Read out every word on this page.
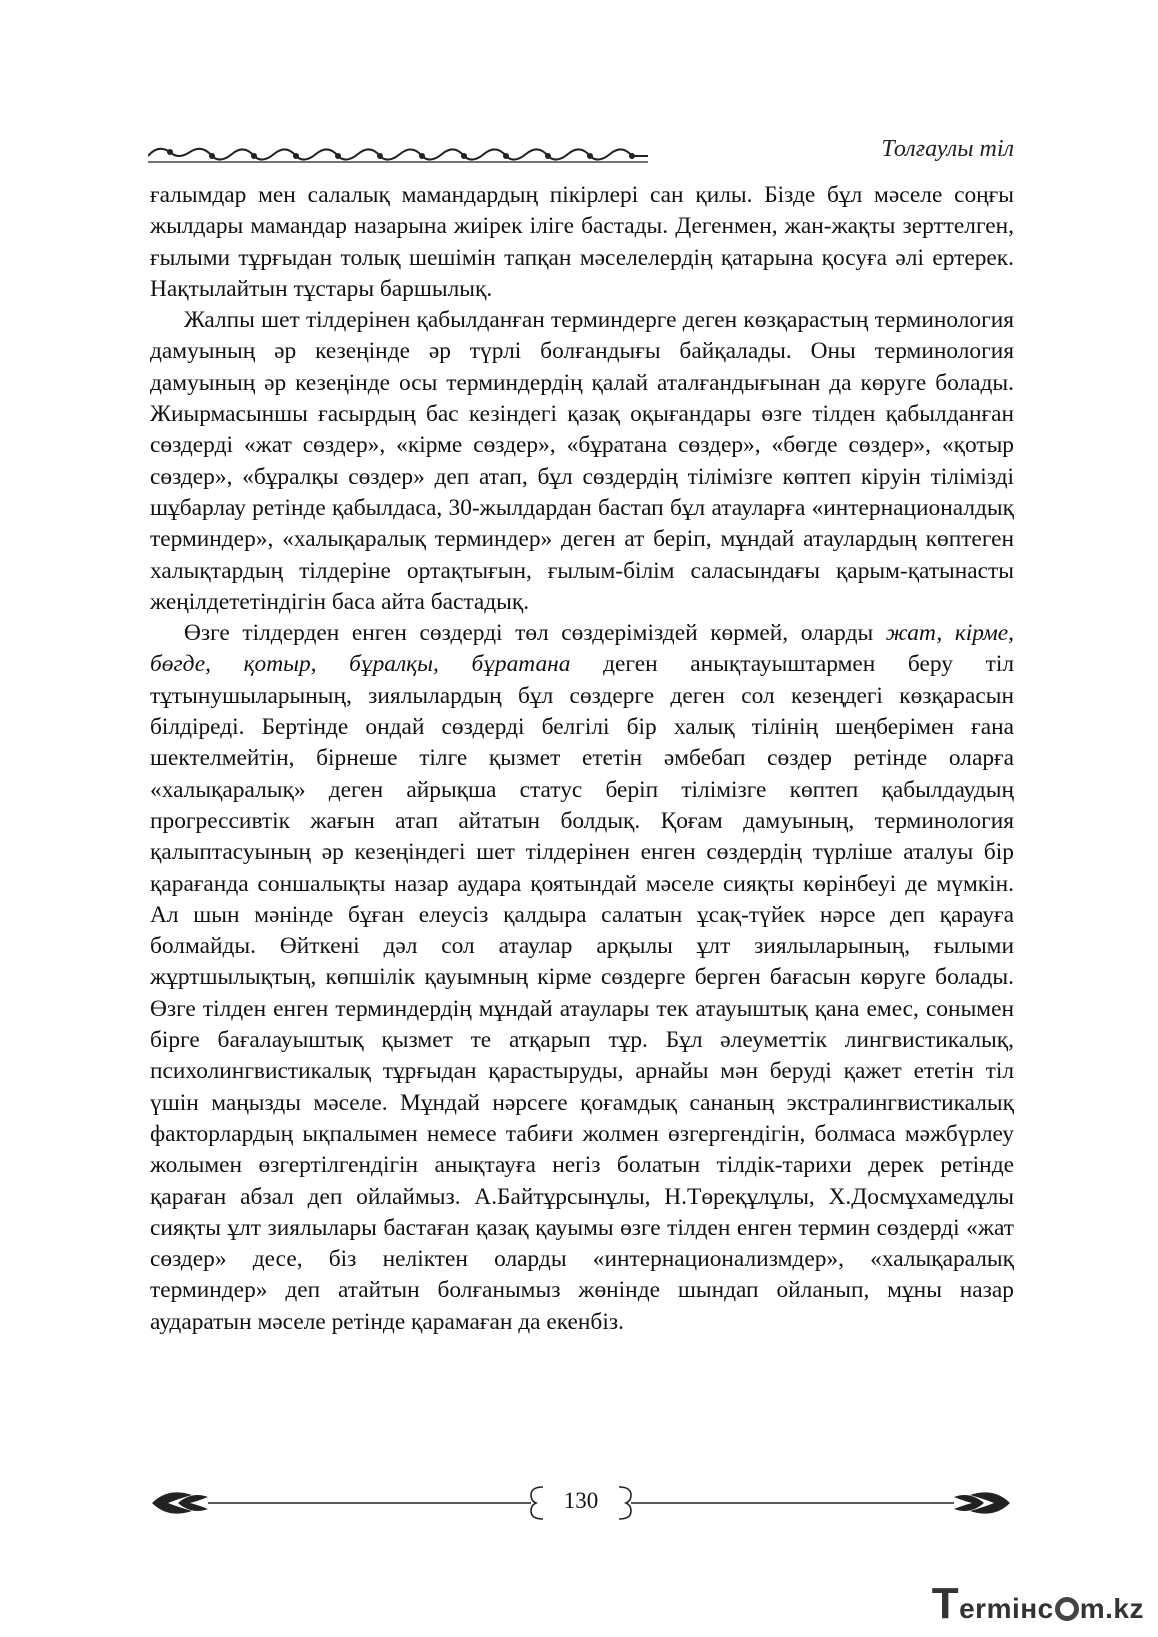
Толғаулы тіл

ғалымдар мен салалық мамандардың пікірлері сан қилы. Бізде бұл мәселе соңғы жылдары мамандар назарына жиірек іліге бастады. Дегенмен, жан-жақты зерттелген, ғылыми тұрғыдан толық шешімін тапқан мәселелердің қатарына қосуға әлі ертерек. Нақтылайтын тұстары баршылық.

Жалпы шет тілдерінен қабылданған терминдерге деген көзқарастың терминология дамуының әр кезеңінде әр түрлі болғандығы байқалады. Оны терминология дамуының әр кезеңінде осы терминдердің қалай аталғандығынан да көруге болады. Жиырмасыншы ғасырдың бас кезіндегі қазақ оқығандары өзге тілден қабылданған сөздерді «жат сөздер», «кірме сөздер», «бұратана сөздер», «бөгде сөздер», «қотыр сөздер», «бұралқы сөздер» деп атап, бұл сөздердің тілімізге көптеп кіруін тілімізді шұбарлау ретінде қабылдаса, 30-жылдардан бастап бұл атауларға «интернационалдық терминдер», «халықаралық терминдер» деген ат беріп, мұндай атаулардың көптеген халықтардың тілдеріне ортақтығын, ғылым-білім саласындағы қарым-қатынасты жеңілдететіндігін баса айта бастадық.

Өзге тілдерден енген сөздерді төл сөздеріміздей көрмей, оларды жат, кірме, бөгде, қотыр, бұралқы, бұратана деген анықтауыштармен беру тіл тұтынушыларының, зиялылардың бұл сөздерге деген сол кезеңдегі көзқарасын білдіреді. Бертінде ондай сөздерді белгілі бір халық тілінің шеңберімен ғана шектелмейтін, бірнеше тілге қызмет ететін әмбебап сөздер ретінде оларға «халықаралық» деген айрықша статус беріп тілімізге көптеп қабылдаудың прогрессивтік жағын атап айтатын болдық. Қоғам дамуының, терминология қалыптасуының әр кезеңіндегі шет тілдерінен енген сөздердің түрліше аталуы бір қарағанда соншалықты назар аудара қоятындай мәселе сияқты көрінбеуі де мүмкін. Ал шын мәнінде бұған елеусіз қалдыра салатын ұсақ-түйек нәрсе деп қарауға болмайды. Өйткені дәл сол атаулар арқылы ұлт зиялыларының, ғылыми жұртшылықтың, көпшілік қауымның кірме сөздерге берген бағасын көруге болады. Өзге тілден енген терминдердің мұндай атаулары тек атауыштық қана емес, сонымен бірге бағалауыштық қызмет те атқарып тұр. Бұл әлеуметтік лингвистикалық, психолингвистикалық тұрғыдан қарастыруды, арнайы мән беруді қажет ететін тіл үшін маңызды мәселе. Мұндай нәрсеге қоғамдық сананың экстралингвистикалық факторлардың ықпалымен немесе табиғи жолмен өзгергендігін, болмаса мәжбүрлеу жолымен өзгертілгендігін анықтауға негіз болатын тілдік-тарихи дерек ретінде қараған абзал деп ойлаймыз. А.Байтұрсынұлы, Н.Төреқұлұлы, Х.Досмұхамедұлы сияқты ұлт зиялылары бастаған қазақ қауымы өзге тілден енген термин сөздерді «жат сөздер» десе, біз неліктен оларды «интернационализмдер», «халықаралық терминдер» деп атайтын болғанымыз жөнінде шындап ойланып, мұны назар аударатын мәселе ретінде қарамаған да екенбіз.

130
Termінc m.kz
